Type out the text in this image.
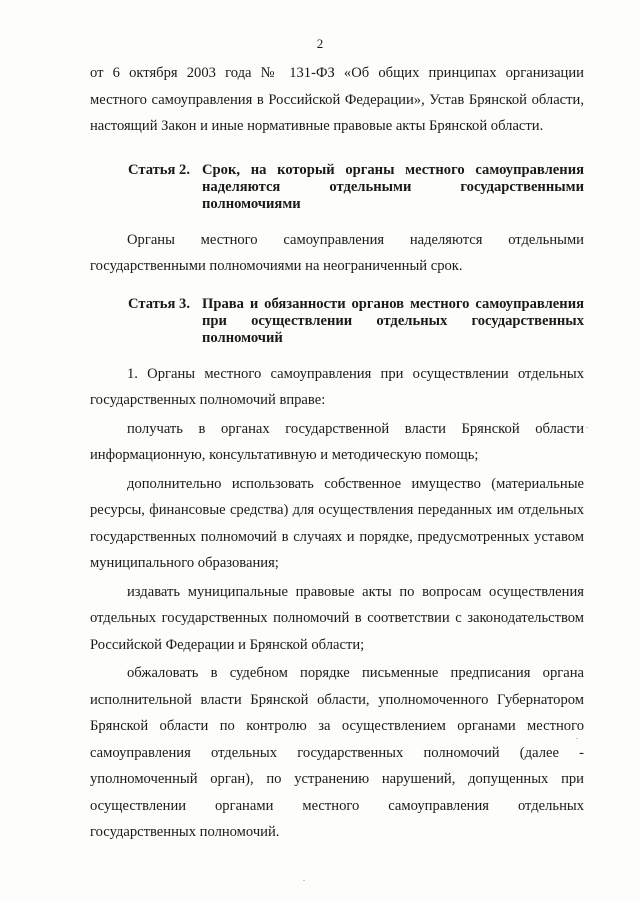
2

от 6 октября 2003 года № 131-ФЗ «Об общих принципах организации местного самоуправления в Российской Федерации», Устав Брянской области, настоящий Закон и иные нормативные правовые акты Брянской области.

Статья 2. Срок, на который органы местного самоуправления наделяются отдельными государственными полномочиями

Органы местного самоуправления наделяются отдельными государственными полномочиями на неограниченный срок.

Статья 3. Права и обязанности органов местного самоуправления при осуществлении отдельных государственных полномочий

1. Органы местного самоуправления при осуществлении отдельных государственных полномочий вправе:

получать в органах государственной власти Брянской области информационную, консультативную и методическую помощь;

дополнительно использовать собственное имущество (материальные ресурсы, финансовые средства) для осуществления переданных им отдельных государственных полномочий в случаях и порядке, предусмотренных уставом муниципального образования;

издавать муниципальные правовые акты по вопросам осуществления отдельных государственных полномочий в соответствии с законодательством Российской Федерации и Брянской области;

обжаловать в судебном порядке письменные предписания органа исполнительной власти Брянской области, уполномоченного Губернатором Брянской области по контролю за осуществлением органами местного самоуправления отдельных государственных полномочий (далее - уполномоченный орган), по устранению нарушений, допущенных при осуществлении органами местного самоуправления отдельных государственных полномочий.
